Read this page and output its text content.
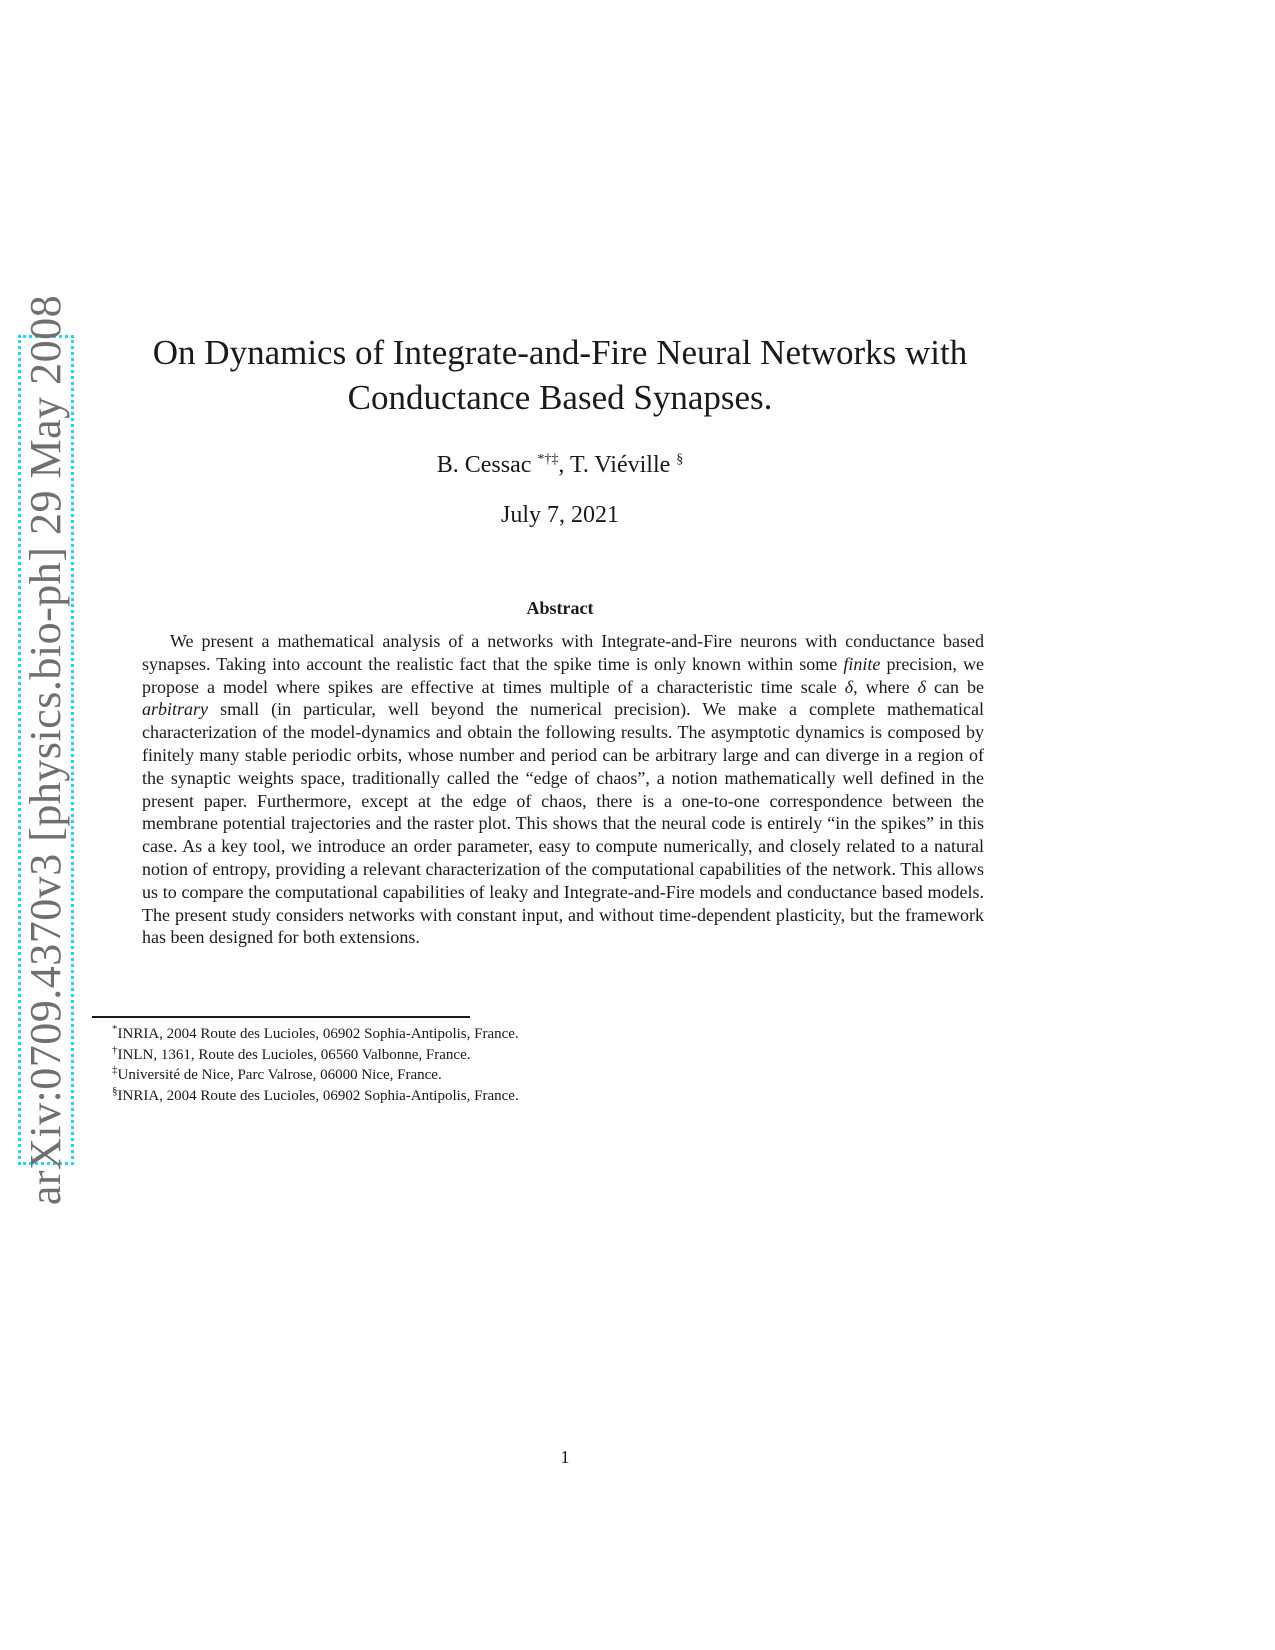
arXiv:0709.4370v3 [physics.bio-ph] 29 May 2008	On Dynamics of Integrate-and-Fire Neural Networks with
Conductance Based Synapses.
B. Cessac *†‡, T. Viéville §
July 7, 2021
Abstract
We present a mathematical analysis of a networks with Integrate-and-Fire neurons with conductance based synapses. Taking into account the realistic fact that the spike time is only known within some finite precision, we propose a model where spikes are effective at times multiple of a characteristic time scale δ, where δ can be arbitrary small (in particular, well beyond the numerical precision). We make a complete mathematical characterization of the model-dynamics and obtain the following results. The asymptotic dynamics is composed by finitely many stable periodic orbits, whose number and period can be arbitrary large and can diverge in a region of the synaptic weights space, traditionally called the “edge of chaos”, a notion mathematically well defined in the present paper. Furthermore, except at the edge of chaos, there is a one-to-one correspondence between the membrane potential trajectories and the raster plot. This shows that the neural code is entirely “in the spikes” in this case. As a key tool, we introduce an order parameter, easy to compute numerically, and closely related to a natural notion of entropy, providing a relevant characterization of the computational capabilities of the network. This allows us to compare the computational capabilities of leaky and Integrate-and-Fire models and conductance based models. The present study considers networks with constant input, and without time-dependent plasticity, but the framework has been designed for both extensions.
*INRIA, 2004 Route des Lucioles, 06902 Sophia-Antipolis, France.
†INLN, 1361, Route des Lucioles, 06560 Valbonne, France.
‡Université de Nice, Parc Valrose, 06000 Nice, France.
§INRIA, 2004 Route des Lucioles, 06902 Sophia-Antipolis, France.
1
